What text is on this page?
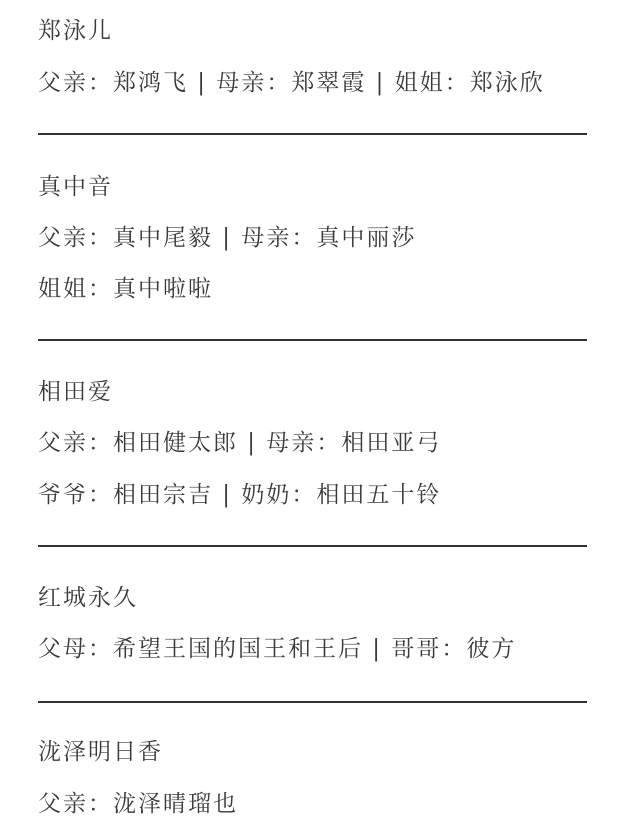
郑泳儿
父亲：郑鸿飞 | 母亲：郑翠霞 | 姐姐：郑泳欣
真中音
父亲：真中尾毅 | 母亲：真中丽莎
姐姐：真中啦啦
相田爱
父亲：相田健太郎 | 母亲：相田亚弓
爷爷：相田宗吉 | 奶奶：相田五十铃
红城永久
父母：希望王国的国王和王后 | 哥哥：彼方
泷泽明日香
父亲：泷泽晴瑠也
